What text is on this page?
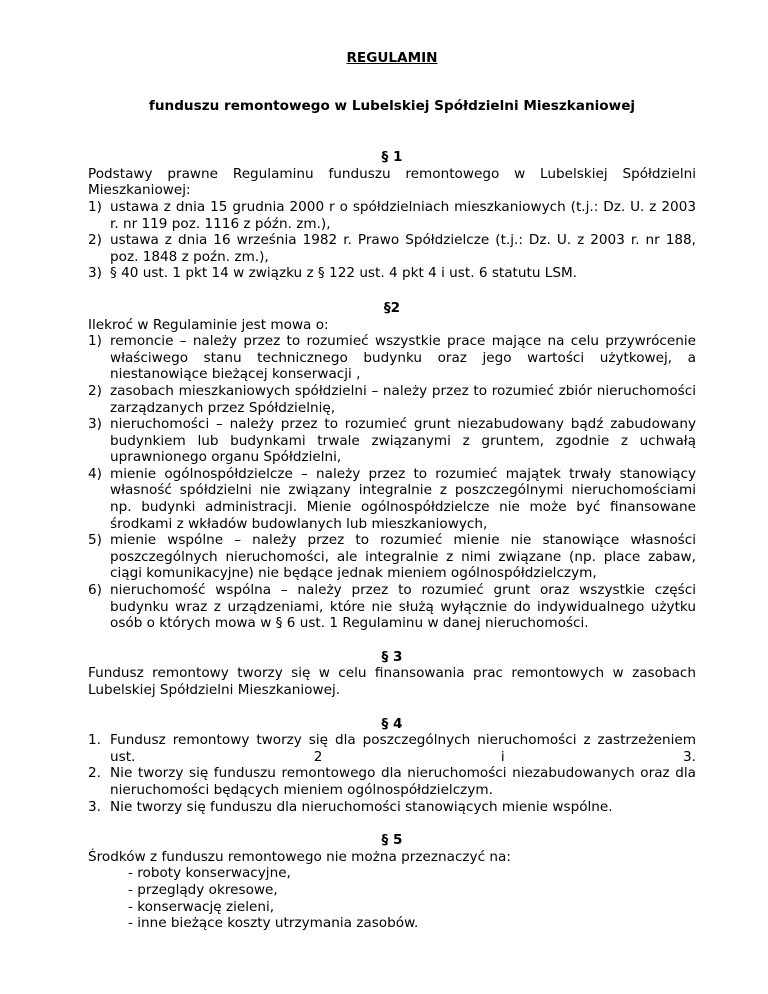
REGULAMIN
funduszu remontowego w Lubelskiej Spółdzielni Mieszkaniowej
§ 1

Podstawy prawne Regulaminu funduszu remontowego w Lubelskiej Spółdzielni Mieszkaniowej:

1) ustawa z dnia 15 grudnia 2000 r o spółdzielniach mieszkaniowych (t.j.: Dz. U. z 2003 r. nr 119 poz. 1116 z późn. zm.),
2) ustawa z dnia 16 września 1982 r. Prawo Spółdzielcze (t.j.: Dz. U. z 2003 r. nr 188, poz. 1848 z poźn. zm.),
3) § 40 ust. 1 pkt 14 w związku z § 122 ust. 4 pkt 4 i ust. 6 statutu LSM.
§2

Ilekroć w Regulaminie jest mowa o:

1) remoncie – należy przez to rozumieć wszystkie prace mające na celu przywrócenie właściwego stanu technicznego budynku oraz jego wartości użytkowej, a niestanowiące bieżącej konserwacji ,
2) zasobach mieszkaniowych spółdzielni – należy przez to rozumieć zbiór nieruchomości zarządzanych przez Spółdzielnię,
3) nieruchomości – należy przez to rozumieć grunt niezabudowany bądź zabudowany budynkiem lub budynkami trwale związanymi z gruntem, zgodnie z uchwałą uprawnionego organu Spółdzielni,
4) mienie ogólnospółdzielcze – należy przez to rozumieć majątek trwały stanowiący własność spółdzielni nie związany integralnie z poszczególnymi nieruchomościami np. budynki administracji. Mienie ogólnospółdzielcze nie może być finansowane środkami z wkładów budowlanych lub mieszkaniowych,
5) mienie wspólne – należy przez to rozumieć mienie nie stanowiące własności poszczególnych nieruchomości, ale integralnie z nimi związane (np. place zabaw, ciągi komunikacyjne) nie będące jednak mieniem ogólnospółdzielczym,
6) nieruchomość wspólna – należy przez to rozumieć grunt oraz wszystkie części budynku wraz z urządzeniami, które nie służą wyłącznie do indywidualnego użytku osób o których mowa w § 6 ust. 1 Regulaminu w danej nieruchomości.
§ 3

Fundusz remontowy tworzy się w celu finansowania prac remontowych w zasobach Lubelskiej Spółdzielni Mieszkaniowej.

§ 4
1. Fundusz remontowy tworzy się dla poszczególnych nieruchomości z zastrzeżeniem ust. 2 i 3.
2. Nie tworzy się funduszu remontowego dla nieruchomości niezabudowanych oraz dla nieruchomości będących mieniem ogólnospółdzielczym.
3. Nie tworzy się funduszu dla nieruchomości stanowiących mienie wspólne.
§ 5

Środków z funduszu remontowego nie można przeznaczyć na:

- roboty konserwacyjne,
- przeglądy okresowe,
- konserwację zieleni,
- inne bieżące koszty utrzymania zasobów.
